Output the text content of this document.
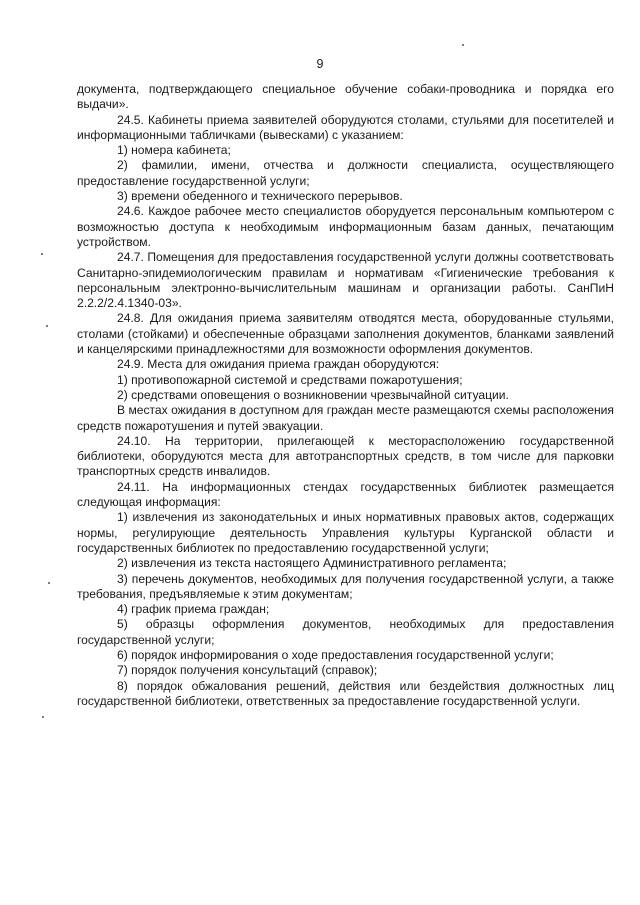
9

документа, подтверждающего специальное обучение собаки-проводника и порядка его выдачи».

24.5. Кабинеты приема заявителей оборудуются столами, стульями для посетителей и информационными табличками (вывесками) с указанием:

1) номера кабинета;

2) фамилии, имени, отчества и должности специалиста, осуществляющего предоставление государственной услуги;

3) времени обеденного и технического перерывов.

24.6. Каждое рабочее место специалистов оборудуется персональным компьютером с возможностью доступа к необходимым информационным базам данных, печатающим устройством.

24.7. Помещения для предоставления государственной услуги должны соответствовать Санитарно-эпидемиологическим правилам и нормативам «Гигиенические требования к персональным электронно-вычислительным машинам и организации работы. СанПиН 2.2.2/2.4.1340-03».

24.8. Для ожидания приема заявителям отводятся места, оборудованные стульями, столами (стойками) и обеспеченные образцами заполнения документов, бланками заявлений и канцелярскими принадлежностями для возможности оформления документов.

24.9. Места для ожидания приема граждан оборудуются:

1) противопожарной системой и средствами пожаротушения;

2) средствами оповещения о возникновении чрезвычайной ситуации.

В местах ожидания в доступном для граждан месте размещаются схемы расположения средств пожаротушения и путей эвакуации.

24.10. На территории, прилегающей к месторасположению государственной библиотеки, оборудуются места для автотранспортных средств, в том числе для парковки транспортных средств инвалидов.

24.11. На информационных стендах государственных библиотек размещается следующая информация:

1) извлечения из законодательных и иных нормативных правовых актов, содержащих нормы, регулирующие деятельность Управления культуры Курганской области и государственных библиотек по предоставлению государственной услуги;

2) извлечения из текста настоящего Административного регламента;

3) перечень документов, необходимых для получения государственной услуги, а также требования, предъявляемые к этим документам;

4) график приема граждан;

5) образцы оформления документов, необходимых для предоставления государственной услуги;

6) порядок информирования о ходе предоставления государственной услуги;

7) порядок получения консультаций (справок);

8) порядок обжалования решений, действия или бездействия должностных лиц государственной библиотеки, ответственных за предоставление государственной услуги.
